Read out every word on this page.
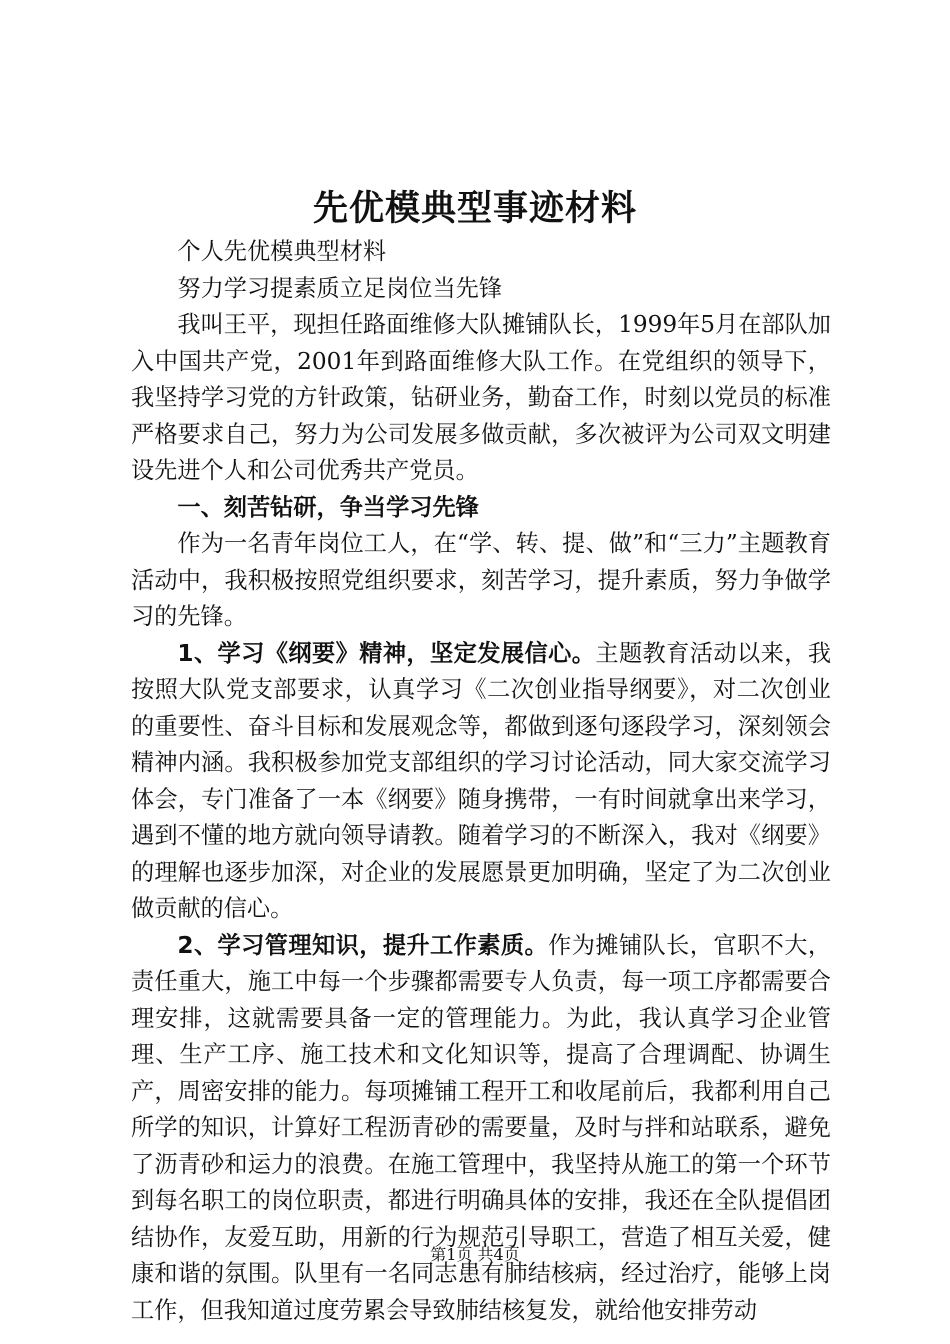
先优模典型事迹材料

个人先优模典型材料

努力学习提素质立足岗位当先锋

我叫王平，现担任路面维修大队摊铺队长，1999年5月在部队加入中国共产党，2001年到路面维修大队工作。在党组织的领导下，我坚持学习党的方针政策，钻研业务，勤奋工作，时刻以党员的标准严格要求自己，努力为公司发展多做贡献，多次被评为公司双文明建设先进个人和公司优秀共产党员。

一、刻苦钻研，争当学习先锋

作为一名青年岗位工人，在“学、转、提、做”和“三力”主题教育活动中，我积极按照党组织要求，刻苦学习，提升素质，努力争做学习的先锋。

1、学习《纲要》精神，坚定发展信心。主题教育活动以来，我按照大队党支部要求，认真学习《二次创业指导纲要》，对二次创业的重要性、奋斗目标和发展观念等，都做到逐句逐段学习，深刻领会精神内涵。我积极参加党支部组织的学习讨论活动，同大家交流学习体会，专门准备了一本《纲要》随身携带，一有时间就拿出来学习，遇到不懂的地方就向领导请教。随着学习的不断深入，我对《纲要》的理解也逐步加深，对企业的发展愿景更加明确，坚定了为二次创业做贡献的信心。

2、学习管理知识，提升工作素质。作为摊铺队长，官职不大，责任重大，施工中每一个步骤都需要专人负责，每一项工序都需要合理安排，这就需要具备一定的管理能力。为此，我认真学习企业管理、生产工序、施工技术和文化知识等，提高了合理调配、协调生产，周密安排的能力。每项摊铺工程开工和收尾前后，我都利用自己所学的知识，计算好工程沥青砂的需要量，及时与拌和站联系，避免了沥青砂和运力的浪费。在施工管理中，我坚持从施工的第一个环节到每名职工的岗位职责，都进行明确具体的安排，我还在全队提倡团结协作，友爱互助，用新的行为规范引导职工，营造了相互关爱，健康和谐的氛围。队里有一名同志患有肺结核病，经过治疗，能够上岗工作，但我知道过度劳累会导致肺结核复发，就给他安排劳动

第1页 共4页
